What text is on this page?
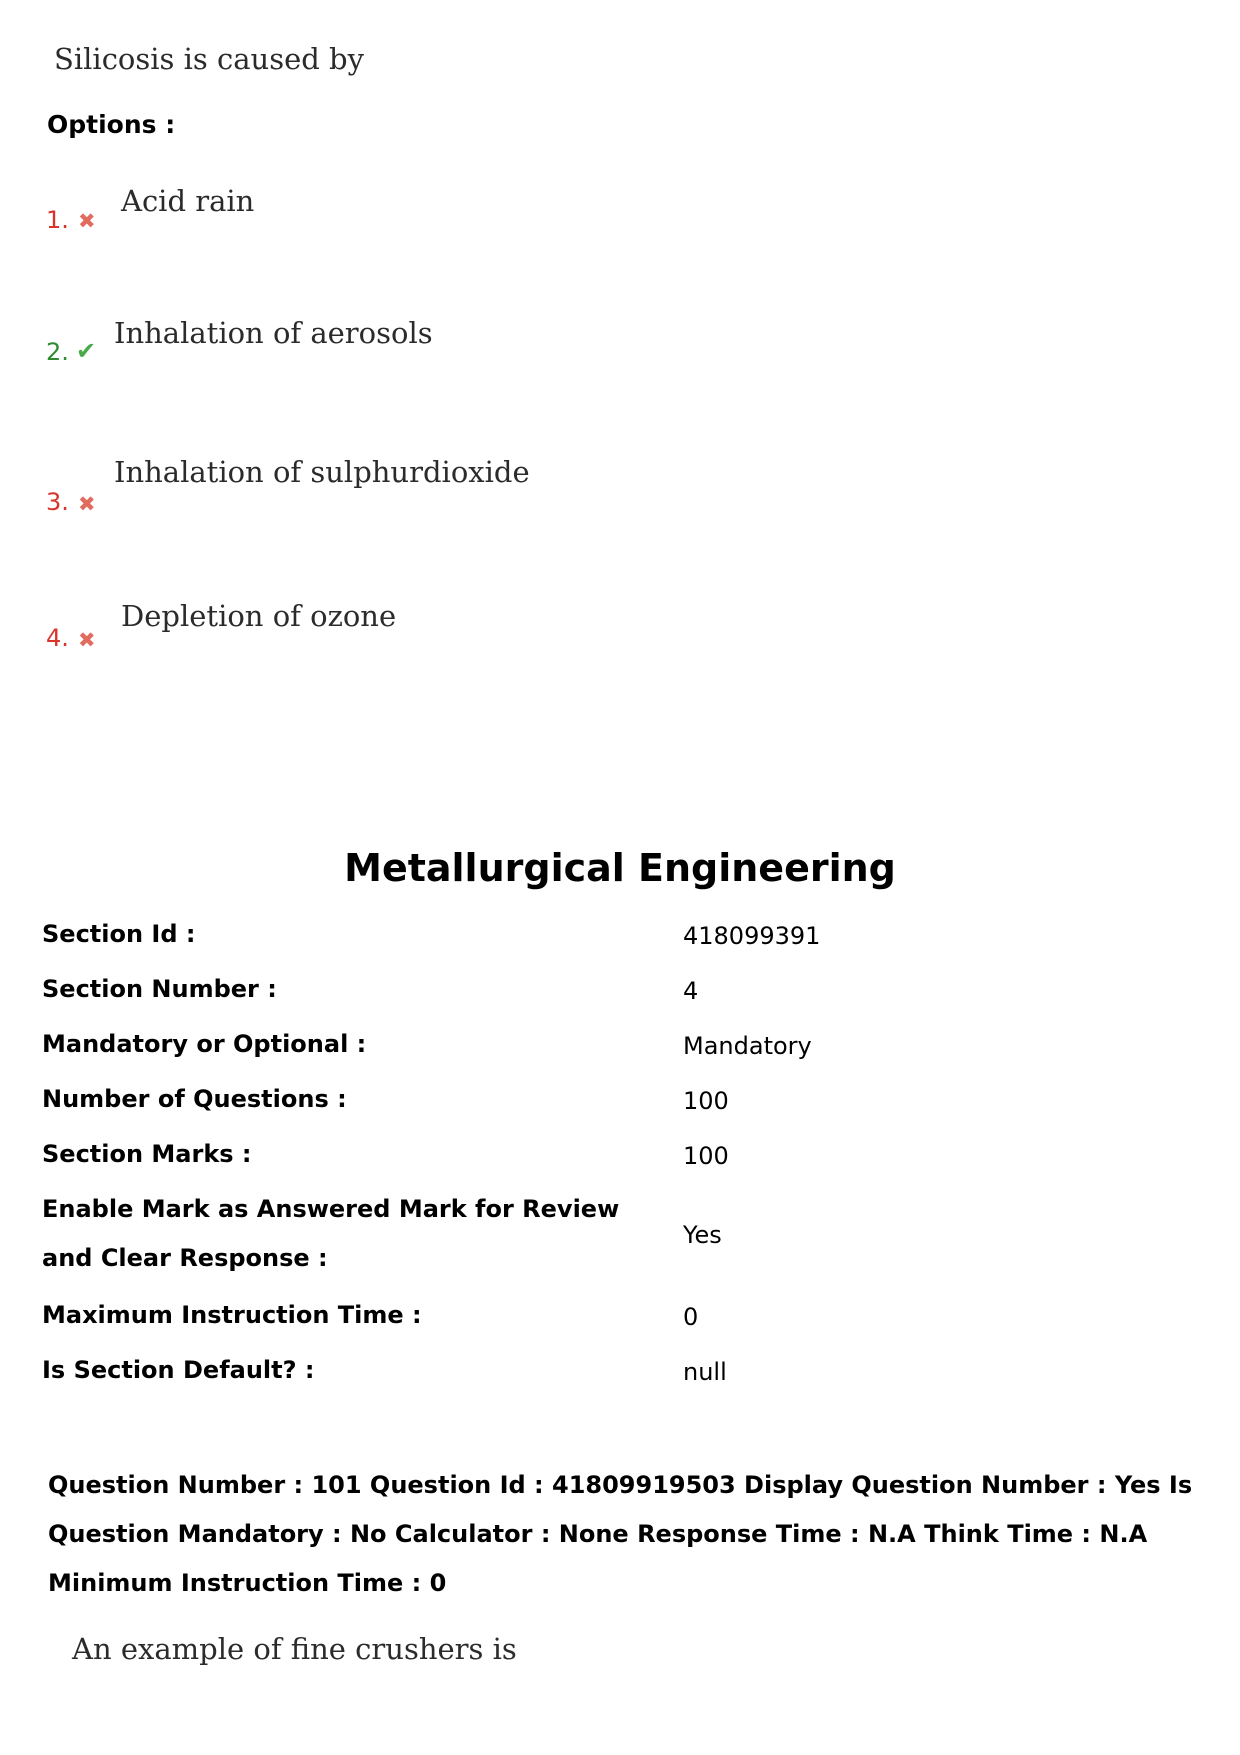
Silicosis is caused by
Options :
1. ✖
Acid rain
2. ✔
Inhalation of aerosols
3. ✖
Inhalation of sulphurdioxide
4. ✖
Depletion of ozone
Metallurgical Engineering
Section Id :	418099391
Section Number :	4
Mandatory or Optional :	Mandatory
Number of Questions :	100
Section Marks :	100
Enable Mark as Answered Mark for Review and Clear Response :
Yes
Maximum Instruction Time :	0
Is Section Default? :	null
Question Number : 101 Question Id : 41809919503 Display Question Number : Yes Is Question Mandatory : No Calculator : None Response Time : N.A Think Time : N.A Minimum Instruction Time : 0
An example of fine crushers is
